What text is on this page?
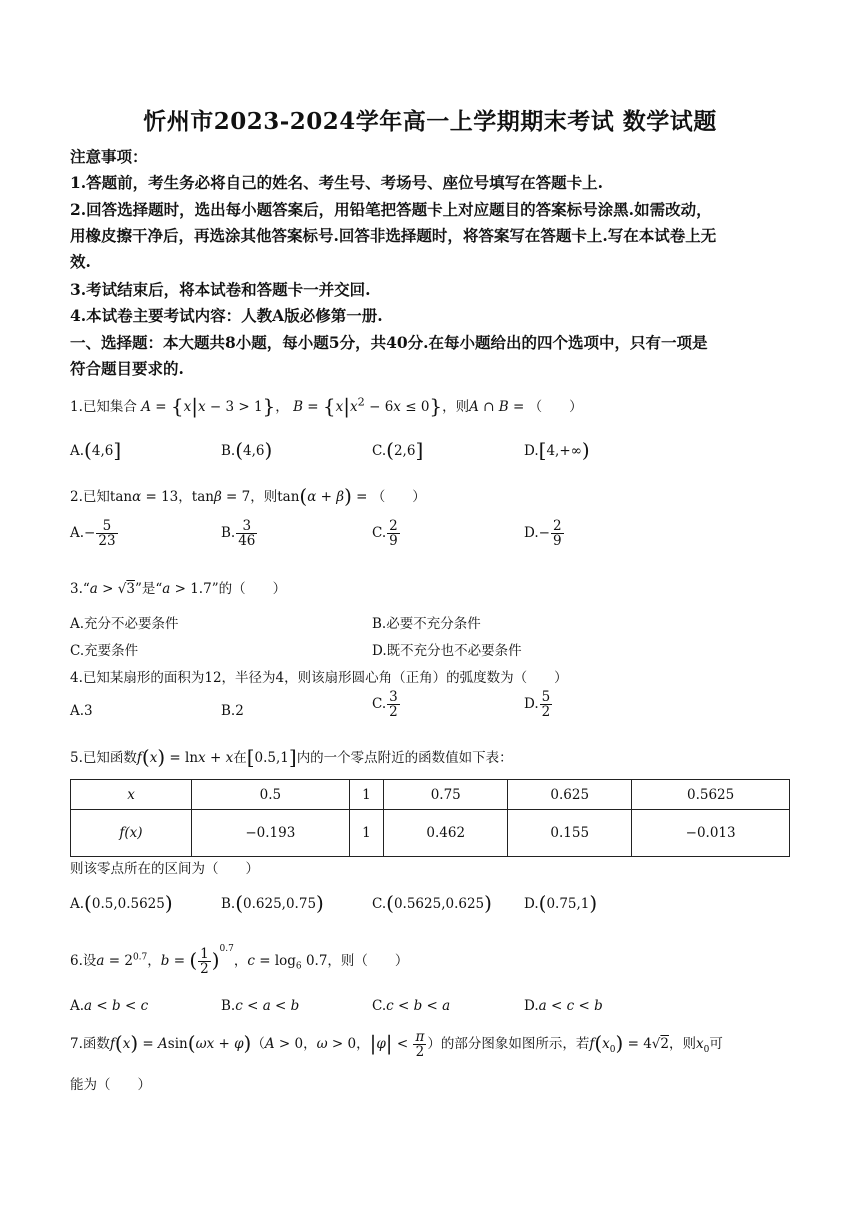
忻州市2023-2024学年高一上学期期末考试 数学试题
注意事项：
1.答题前，考生务必将自己的姓名、考生号、考场号、座位号填写在答题卡上.
2.回答选择题时，选出每小题答案后，用铅笔把答题卡上对应题目的答案标号涂黑.如需改动，
用橡皮擦干净后，再选涂其他答案标号.回答非选择题时，将答案写在答题卡上.写在本试卷上无
效.
3.考试结束后，将本试卷和答题卡一并交回.
4.本试卷主要考试内容：人教A版必修第一册.
一、选择题：本大题共8小题，每小题5分，共40分.在每小题给出的四个选项中，只有一项是
符合题目要求的.
1.已知集合 A = {x|x − 3 > 1}， $B = \{x|x^2 - 6x \le 0\}$，则A ∩ B = （　　）
A.(4,6]	B.(4,6)	C.(2,6]	D.[4,+∞)
2.已知tanα = 13，tanβ = 7，则tan(α + β) = （　　）
$A.- \frac{5}{23}$	B. $\frac{3}{46}$	C. $\frac{2}{9}$	$D.- \frac{2}{9}$
3.“a > √3”是“a > 1.7”的（　　）
A.充分不必要条件	B.必要不充分条件
C.充要条件	D.既不充分也不必要条件
4.已知某扇形的面积为12，半径为4，则该扇形圆心角（正角）的弧度数为（　　）
A.3	B.2	C. $\frac{3}{2}$	D. $\frac{5}{2}$
5.已知函数f(x) = lnx + x在[0.5,1]内的一个零点附近的函数值如下表：
x	0.5	1	0.75	0.625	0.5625
f(x)	−0.193	1	0.462	0.155	−0.013
则该零点所在的区间为（　　）
A.(0.5,0.5625)	B.(0.625,0.75)	C.(0.5625,0.625) D.(0.75,1)
6.设$a = 2^{0.7}$，b = ( $\frac{1}{2} )^{0.7}$，$c = \log_6 0.7$，则（　　）
A.a < b < c	B.c < a < b	C.c < b < a	D.a < c < b
7.函数f(x) = Asin(ωx + φ)（A > 0，ω > 0，$|\varphi| < \frac{\pi}{2}$ ）的部分图象如图所示，若$f(x_0) = 4√2$，则$x_0$可
能为（　　）
